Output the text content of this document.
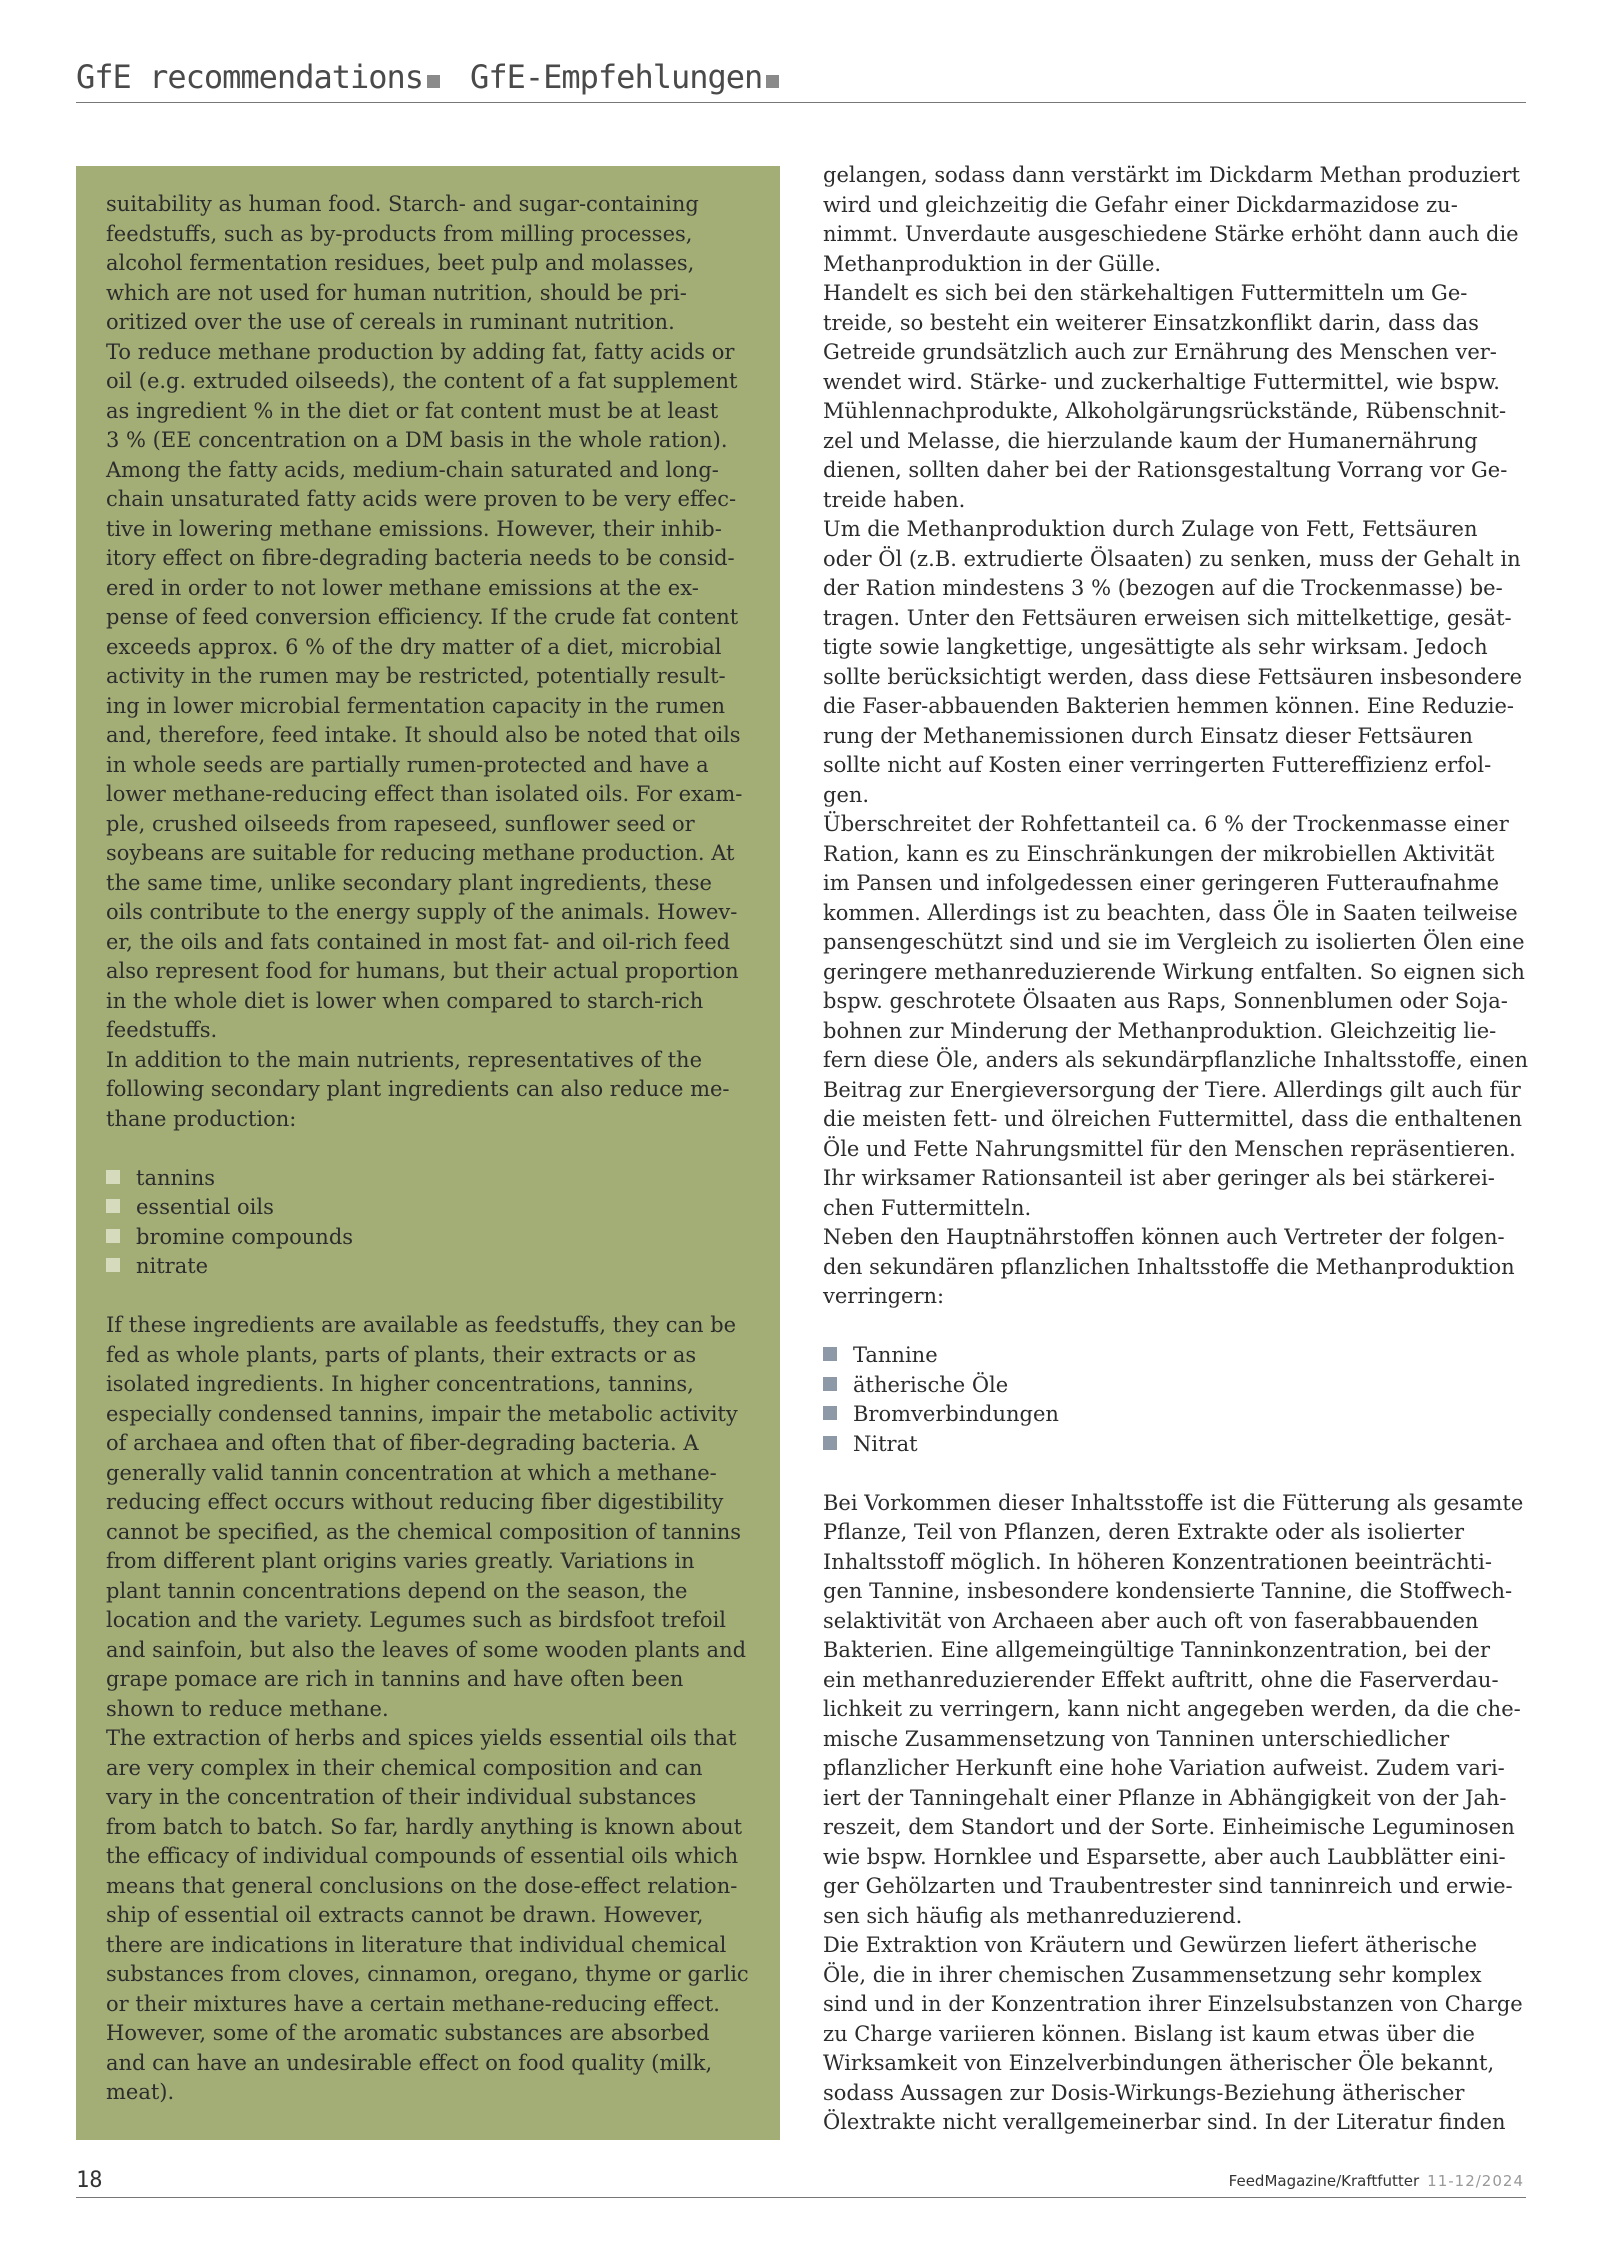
GfE recommendations GfE-Empfehlungen
suitability as human food. Starch- and sugar-containing
feedstuffs, such as by-products from milling processes,
alcohol fermentation residues, beet pulp and molasses,
which are not used for human nutrition, should be pri-
oritized over the use of cereals in ruminant nutrition.
To reduce methane production by adding fat, fatty acids or
oil (e.g. extruded oilseeds), the content of a fat supplement
as ingredient % in the diet or fat content must be at least
3 % (EE concentration on a DM basis in the whole ration).
Among the fatty acids, medium-chain saturated and long-
chain unsaturated fatty acids were proven to be very effec-
tive in lowering methane emissions. However, their inhib-
itory effect on fibre-degrading bacteria needs to be consid-
ered in order to not lower methane emissions at the ex-
pense of feed conversion efficiency. If the crude fat content
exceeds approx. 6 % of the dry matter of a diet, microbial
activity in the rumen may be restricted, potentially result-
ing in lower microbial fermentation capacity in the rumen
and, therefore, feed intake. It should also be noted that oils
in whole seeds are partially rumen-protected and have a
lower methane-reducing effect than isolated oils. For exam-
ple, crushed oilseeds from rapeseed, sunflower seed or
soybeans are suitable for reducing methane production. At
the same time, unlike secondary plant ingredients, these
oils contribute to the energy supply of the animals. Howev-
er, the oils and fats contained in most fat- and oil-rich feed
also represent food for humans, but their actual proportion
in the whole diet is lower when compared to starch-rich
feedstuffs.
In addition to the main nutrients, representatives of the
following secondary plant ingredients can also reduce me-
thane production:
tannins
essential oils
bromine compounds
nitrate
If these ingredients are available as feedstuffs, they can be
fed as whole plants, parts of plants, their extracts or as
isolated ingredients. In higher concentrations, tannins,
especially condensed tannins, impair the metabolic activity
of archaea and often that of fiber-degrading bacteria. A
generally valid tannin concentration at which a methane-
reducing effect occurs without reducing fiber digestibility
cannot be specified, as the chemical composition of tannins
from different plant origins varies greatly. Variations in
plant tannin concentrations depend on the season, the
location and the variety. Legumes such as birdsfoot trefoil
and sainfoin, but also the leaves of some wooden plants and
grape pomace are rich in tannins and have often been
shown to reduce methane.
The extraction of herbs and spices yields essential oils that
are very complex in their chemical composition and can
vary in the concentration of their individual substances
from batch to batch. So far, hardly anything is known about
the efficacy of individual compounds of essential oils which
means that general conclusions on the dose-effect relation-
ship of essential oil extracts cannot be drawn. However,
there are indications in literature that individual chemical
substances from cloves, cinnamon, oregano, thyme or garlic
or their mixtures have a certain methane-reducing effect.
However, some of the aromatic substances are absorbed
and can have an undesirable effect on food quality (milk,
meat).
gelangen, sodass dann verstärkt im Dickdarm Methan produziert
wird und gleichzeitig die Gefahr einer Dickdarmazidose zu-
nimmt. Unverdaute ausgeschiedene Stärke erhöht dann auch die
Methanproduktion in der Gülle.
Handelt es sich bei den stärkehaltigen Futtermitteln um Ge-
treide, so besteht ein weiterer Einsatzkonflikt darin, dass das
Getreide grundsätzlich auch zur Ernährung des Menschen ver-
wendet wird. Stärke- und zuckerhaltige Futtermittel, wie bspw.
Mühlennachprodukte, Alkoholgärungsrückstände, Rübenschnit-
zel und Melasse, die hierzulande kaum der Humanernährung
dienen, sollten daher bei der Rationsgestaltung Vorrang vor Ge-
treide haben.
Um die Methanproduktion durch Zulage von Fett, Fettsäuren
oder Öl (z.B. extrudierte Ölsaaten) zu senken, muss der Gehalt in
der Ration mindestens 3 % (bezogen auf die Trockenmasse) be-
tragen. Unter den Fettsäuren erweisen sich mittelkettige, gesät-
tigte sowie langkettige, ungesättigte als sehr wirksam. Jedoch
sollte berücksichtigt werden, dass diese Fettsäuren insbesondere
die Faser-abbauenden Bakterien hemmen können. Eine Reduzie-
rung der Methanemissionen durch Einsatz dieser Fettsäuren
sollte nicht auf Kosten einer verringerten Futtereffizienz erfol-
gen.
Überschreitet der Rohfettanteil ca. 6 % der Trockenmasse einer
Ration, kann es zu Einschränkungen der mikrobiellen Aktivität
im Pansen und infolgedessen einer geringeren Futteraufnahme
kommen. Allerdings ist zu beachten, dass Öle in Saaten teilweise
pansengeschützt sind und sie im Vergleich zu isolierten Ölen eine
geringere methanreduzierende Wirkung entfalten. So eignen sich
bspw. geschrotete Ölsaaten aus Raps, Sonnenblumen oder Soja-
bohnen zur Minderung der Methanproduktion. Gleichzeitig lie-
fern diese Öle, anders als sekundärpflanzliche Inhaltsstoffe, einen
Beitrag zur Energieversorgung der Tiere. Allerdings gilt auch für
die meisten fett- und ölreichen Futtermittel, dass die enthaltenen
Öle und Fette Nahrungsmittel für den Menschen repräsentieren.
Ihr wirksamer Rationsanteil ist aber geringer als bei stärkerei-
chen Futtermitteln.
Neben den Hauptnährstoffen können auch Vertreter der folgen-
den sekundären pflanzlichen Inhaltsstoffe die Methanproduktion
verringern:
Tannine
ätherische Öle
Bromverbindungen
Nitrat
Bei Vorkommen dieser Inhaltsstoffe ist die Fütterung als gesamte
Pflanze, Teil von Pflanzen, deren Extrakte oder als isolierter
Inhaltsstoff möglich. In höheren Konzentrationen beeinträchti-
gen Tannine, insbesondere kondensierte Tannine, die Stoffwech-
selaktivität von Archaeen aber auch oft von faserabbauenden
Bakterien. Eine allgemeingültige Tanninkonzentration, bei der
ein methanreduzierender Effekt auftritt, ohne die Faserverdau-
lichkeit zu verringern, kann nicht angegeben werden, da die che-
mische Zusammensetzung von Tanninen unterschiedlicher
pflanzlicher Herkunft eine hohe Variation aufweist. Zudem vari-
iert der Tanningehalt einer Pflanze in Abhängigkeit von der Jah-
reszeit, dem Standort und der Sorte. Einheimische Leguminosen
wie bspw. Hornklee und Esparsette, aber auch Laubblätter eini-
ger Gehölzarten und Traubentrester sind tanninreich und erwie-
sen sich häufig als methanreduzierend.
Die Extraktion von Kräutern und Gewürzen liefert ätherische
Öle, die in ihrer chemischen Zusammensetzung sehr komplex
sind und in der Konzentration ihrer Einzelsubstanzen von Charge
zu Charge variieren können. Bislang ist kaum etwas über die
Wirksamkeit von Einzelverbindungen ätherischer Öle bekannt,
sodass Aussagen zur Dosis-Wirkungs-Beziehung ätherischer
Ölextrakte nicht verallgemeinerbar sind. In der Literatur finden
18	FeedMagazine/Kraftfutter 11-12/2024
